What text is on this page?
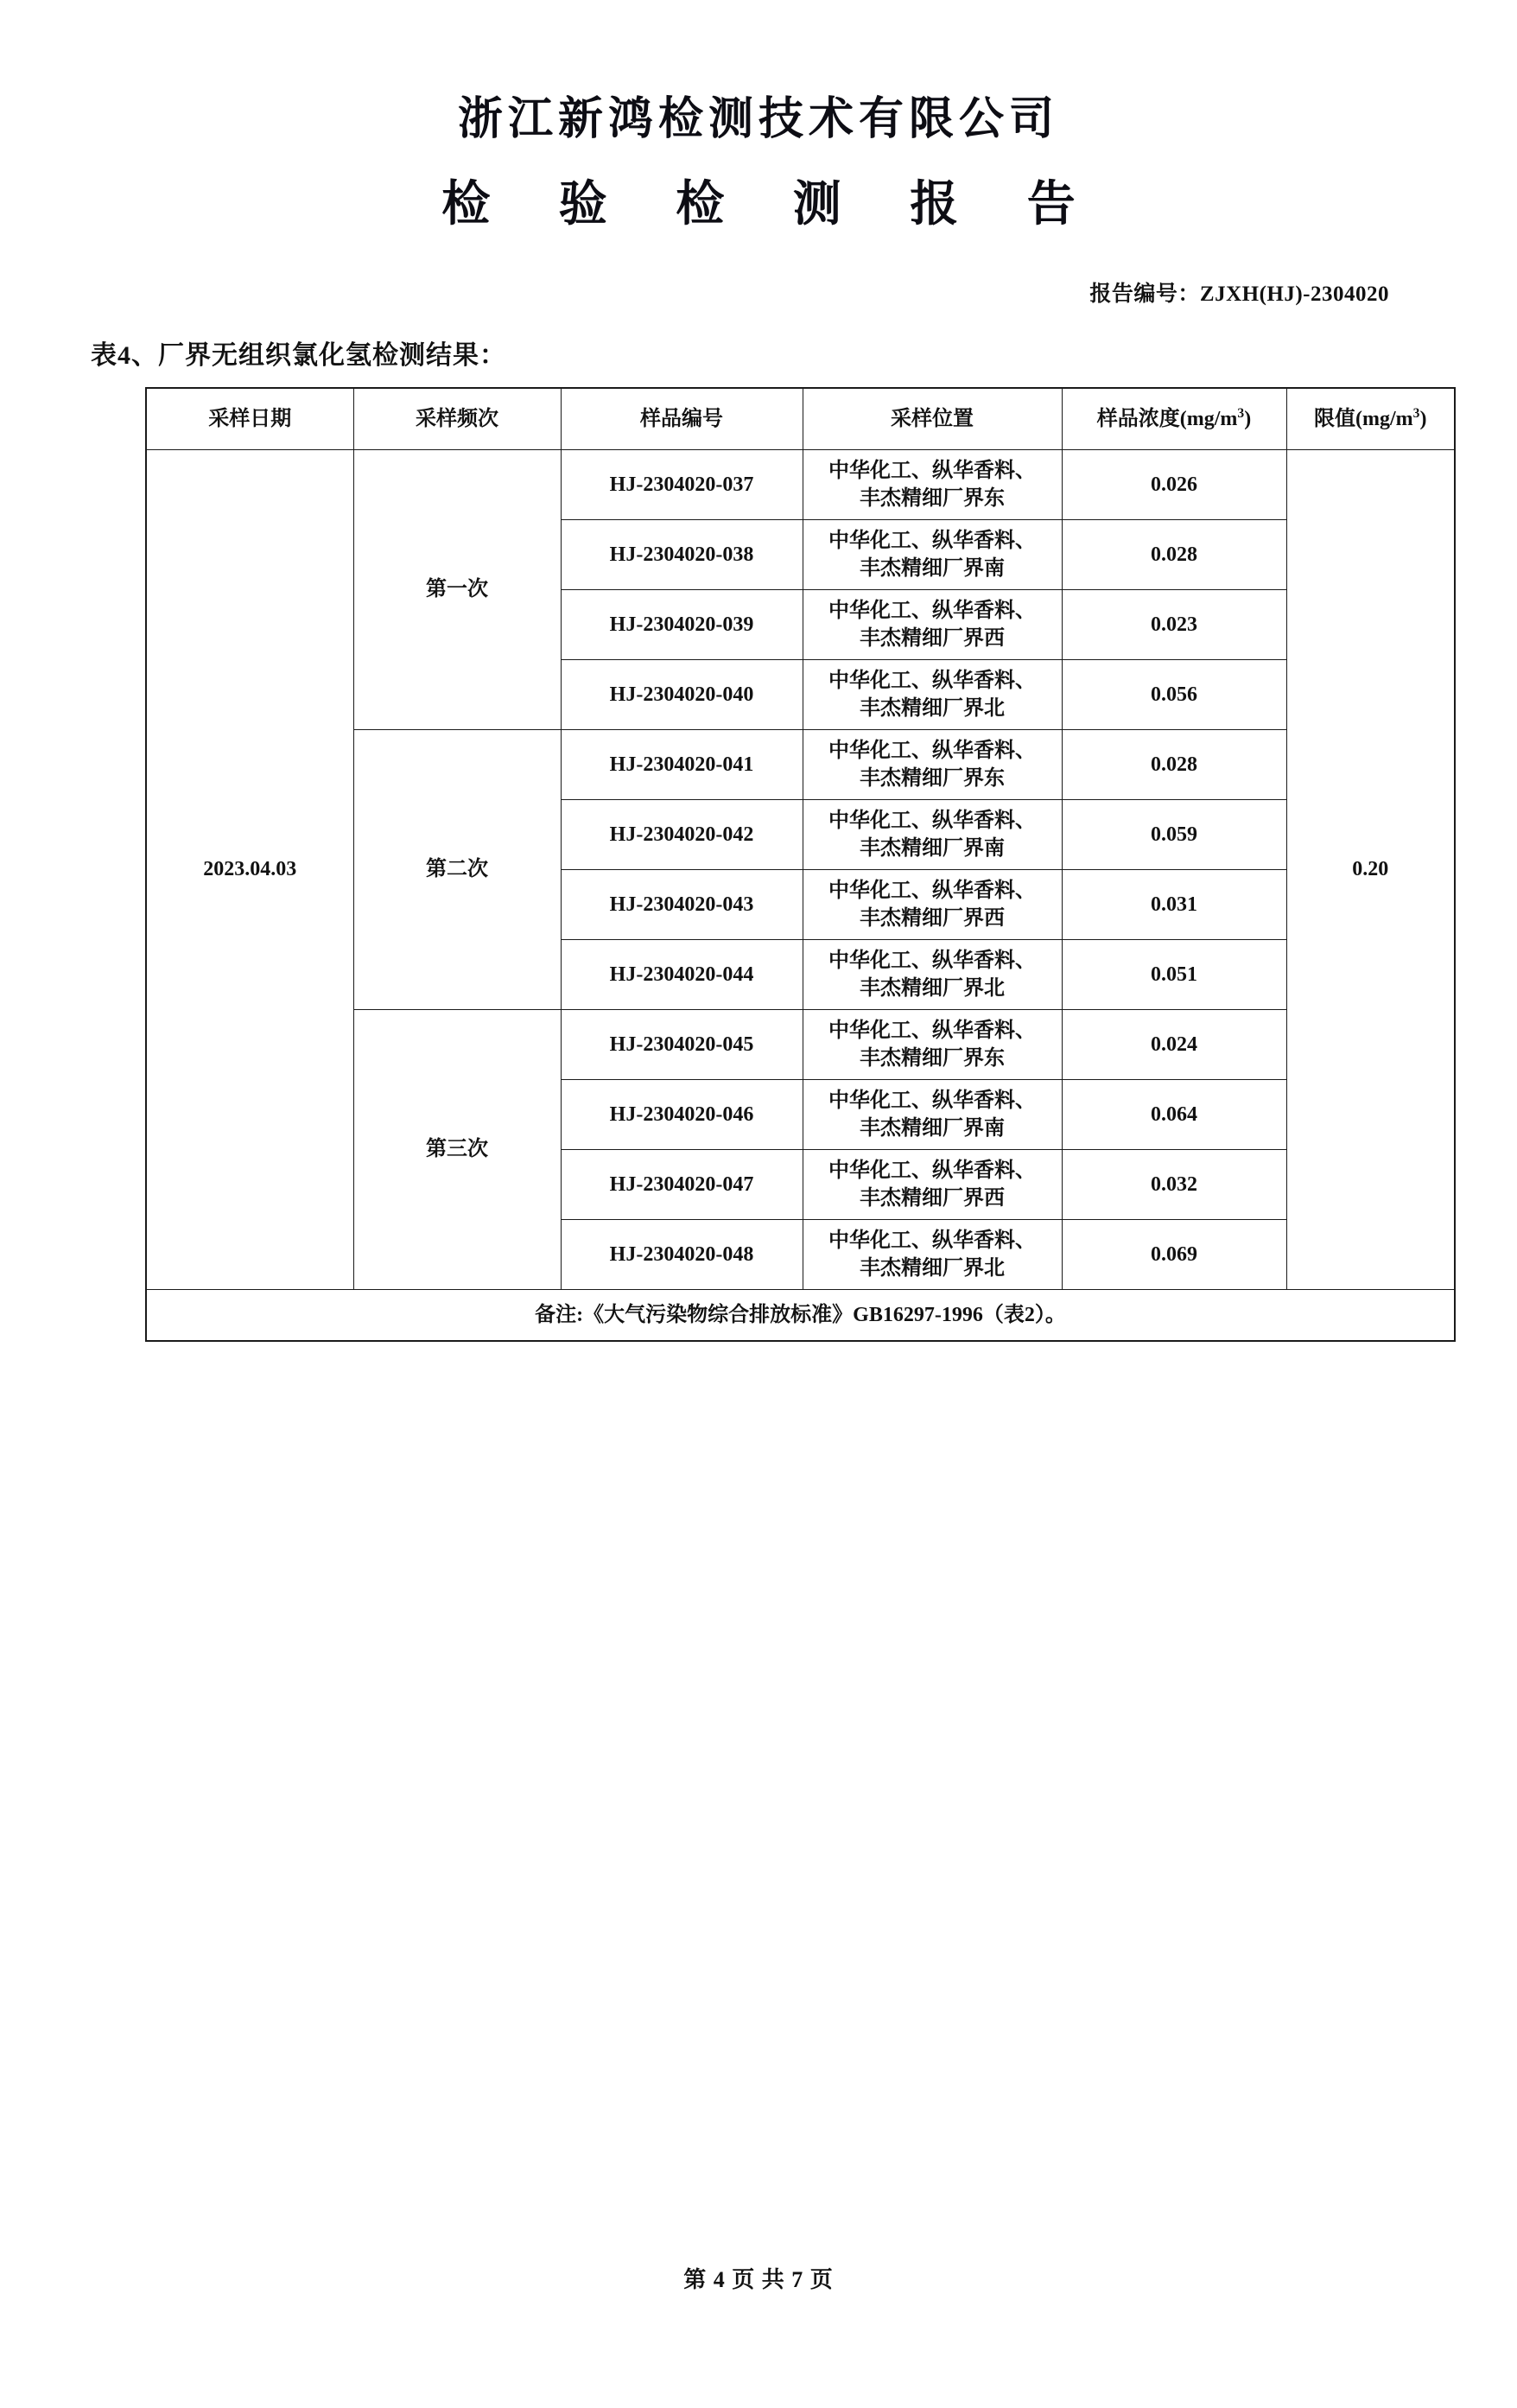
浙江新鸿检测技术有限公司
检 验 检 测 报 告
报告编号：ZJXH(HJ)-2304020
表4、厂界无组织氯化氢检测结果：
采样日期	采样频次	样品编号	采样位置	样品浓度$(mg/m^3)$	限值$(mg/m^3)$
2023.04.03	第一次	HJ-2304020-037	中华化工、纵华香料、
丰杰精细厂界东	0.026	0.20
		HJ-2304020-038	中华化工、纵华香料、
丰杰精细厂界南	0.028	
		HJ-2304020-039	中华化工、纵华香料、
丰杰精细厂界西	0.023	
		HJ-2304020-040	中华化工、纵华香料、
丰杰精细厂界北	0.056	
	第二次	HJ-2304020-041	中华化工、纵华香料、
丰杰精细厂界东	0.028	
		HJ-2304020-042	中华化工、纵华香料、
丰杰精细厂界南	0.059	
		HJ-2304020-043	中华化工、纵华香料、
丰杰精细厂界西	0.031	
		HJ-2304020-044	中华化工、纵华香料、
丰杰精细厂界北	0.051	
	第三次	HJ-2304020-045	中华化工、纵华香料、
丰杰精细厂界东	0.024	
		HJ-2304020-046	中华化工、纵华香料、
丰杰精细厂界南	0.064	
		HJ-2304020-047	中华化工、纵华香料、
丰杰精细厂界西	0.032	
		HJ-2304020-048	中华化工、纵华香料、
丰杰精细厂界北	0.069	
备注:《大气污染物综合排放标准》GB16297-1996（表2）。					
第 4 页 共 7 页
